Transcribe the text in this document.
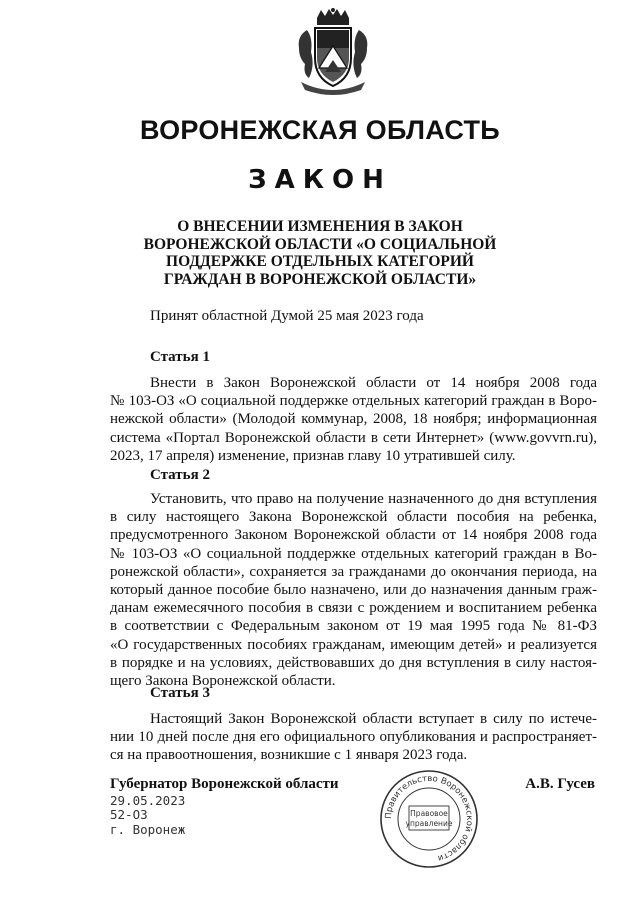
ВОРОНЕЖСКАЯ ОБЛАСТЬ
ЗАКОН
О ВНЕСЕНИИ ИЗМЕНЕНИЯ В ЗАКОН
ВОРОНЕЖСКОЙ ОБЛАСТИ «О СОЦИАЛЬНОЙ
ПОДДЕРЖКЕ ОТДЕЛЬНЫХ КАТЕГОРИЙ
ГРАЖДАН В ВОРОНЕЖСКОЙ ОБЛАСТИ»
Принят областной Думой 25 мая 2023 года
Статья 1
Внести в Закон Воронежской области от 14 ноября 2008 года
№ 103-ОЗ «О социальной поддержке отдельных категорий граждан в Воро-
нежской области» (Молодой коммунар, 2008, 18 ноября; информационная
система «Портал Воронежской области в сети Интернет» (www.govvrn.ru),
2023, 17 апреля) изменение, признав главу 10 утратившей силу.
Статья 2
Установить, что право на получение назначенного до дня вступления
в силу настоящего Закона Воронежской области пособия на ребенка,
предусмотренного Законом Воронежской области от 14 ноября 2008 года
№ 103-ОЗ «О социальной поддержке отдельных категорий граждан в Во-
ронежской области», сохраняется за гражданами до окончания периода, на
который данное пособие было назначено, или до назначения данным граж-
данам ежемесячного пособия в связи с рождением и воспитанием ребенка
в соответствии с Федеральным законом от 19 мая 1995 года № 81-ФЗ
«О государственных пособиях гражданам, имеющим детей» и реализуется
в порядке и на условиях, действовавших до дня вступления в силу настоя-
щего Закона Воронежской области.
Статья 3
Настоящий Закон Воронежской области вступает в силу по истече-
нии 10 дней после дня его официального опубликования и распространяет-
ся на правоотношения, возникшие с 1 января 2023 года.
Губернатор Воронежской области	А.В. Гусев
29.05.2023
52-ОЗ
г. Воронеж
Правительство Воронежской области
Правовое
управление
